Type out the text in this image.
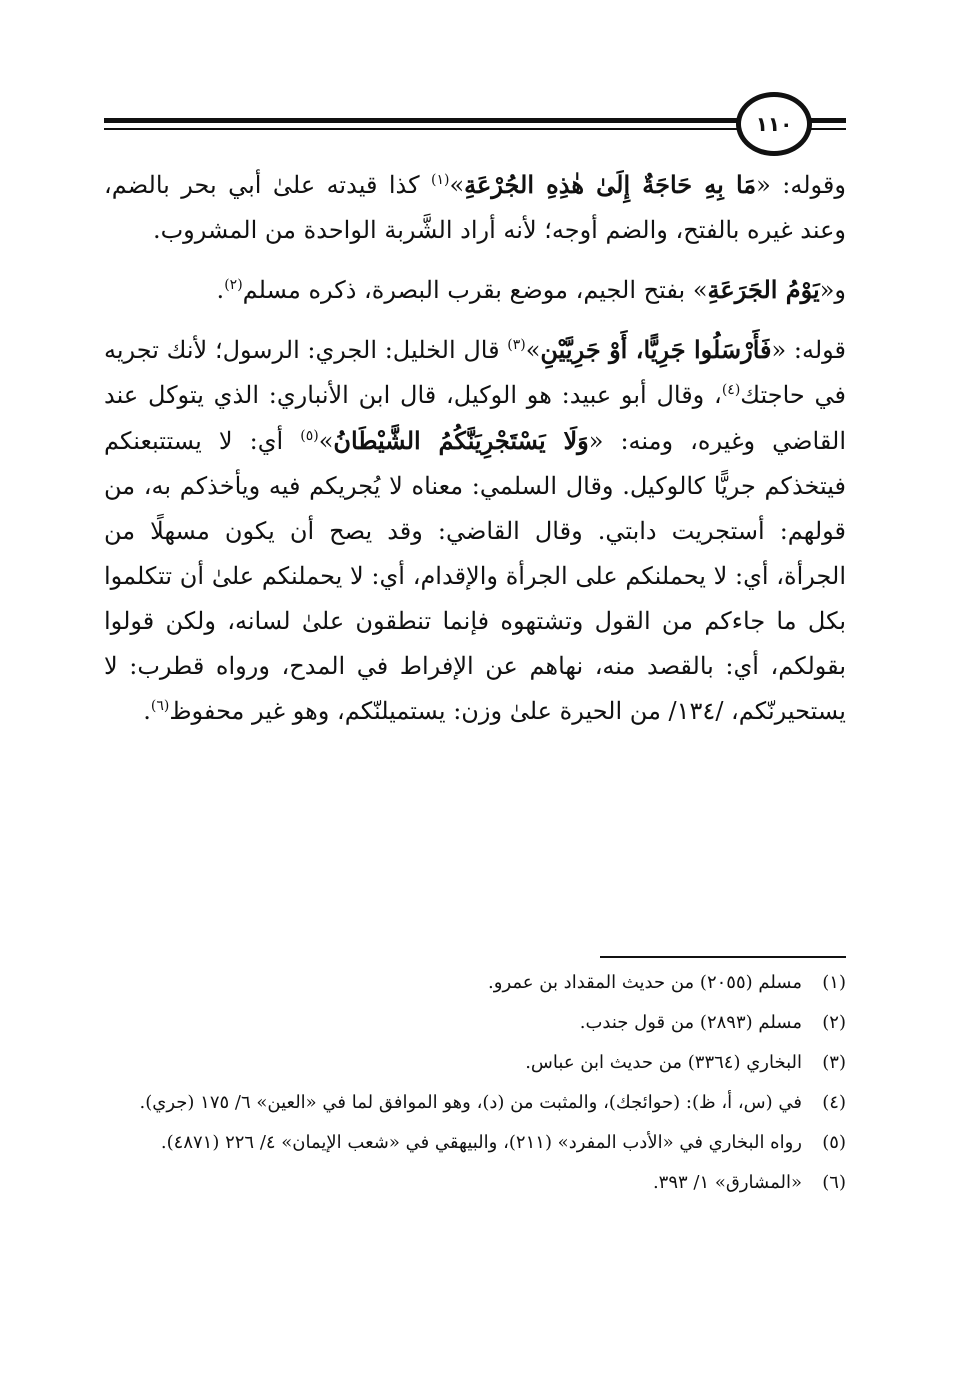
١١٠

وقوله: «مَا بِهِ حَاجَةٌ إِلَىٰ هٰذِهِ الجُرْعَةِ»$^{(١)}$ كذا قيدته علىٰ أبي بحر بالضم، وعند غيره بالفتح، والضم أوجه؛ لأنه أراد الشَّربة الواحدة من المشروب.

و«يَوْمُ الجَرَعَةِ» بفتح الجيم، موضع بقرب البصرة، ذكره مسلم$^{(٢)}$.

قوله: «فَأَرْسَلُوا جَرِيًّا، أَوْ جَرِيَّيْنِ»$^{(٣)}$ قال الخليل: الجري: الرسول؛ لأنك تجريه في حاجتك$^{(٤)}$، وقال أبو عبيد: هو الوكيل، قال ابن الأنباري: الذي يتوكل عند القاضي وغيره، ومنه: «وَلَا يَسْتَجْرِيَنَّكُمُ الشَّيْطَانُ»$^{(٥)}$ أي: لا يستتبعنكم فيتخذكم جريًّا كالوكيل. وقال السلمي: معناه لا يُجريكم فيه ويأخذكم به، من قولهم: أستجريت دابتي. وقال القاضي: وقد يصح أن يكون مسهلًا من الجرأة، أي: لا يحملنكم على الجرأة والإقدام، أي: لا يحملنكم علىٰ أن تتكلموا بكل ما جاءكم من القول وتشتهوه فإنما تنطقون علىٰ لسانه، ولكن قولوا بقولكم، أي: بالقصد منه، نهاهم عن الإفراط في المدح، ورواه قطرب: لا يستحيرنّكم، /١٣٤/ من الحيرة علىٰ وزن: يستميلنّكم، وهو غير محفوظ$^{(٦)}$.

(١)
مسلم (٢٠٥٥) من حديث المقداد بن عمرو.
(٢)
مسلم (٢٨٩٣) من قول جندب.
(٣)
البخاري (٣٣٦٤) من حديث ابن عباس.
(٤)
في (س، أ، ظ): (حوائجك)، والمثبت من (د)، وهو الموافق لما في «العين» ٦/ ١٧٥ (جري).
(٥)
رواه البخاري في «الأدب المفرد» (٢١١)، والبيهقي في «شعب الإيمان» ٤/ ٢٢٦ (٤٨٧١).
(٦)
«المشارق» ١/ ٣٩٣.
